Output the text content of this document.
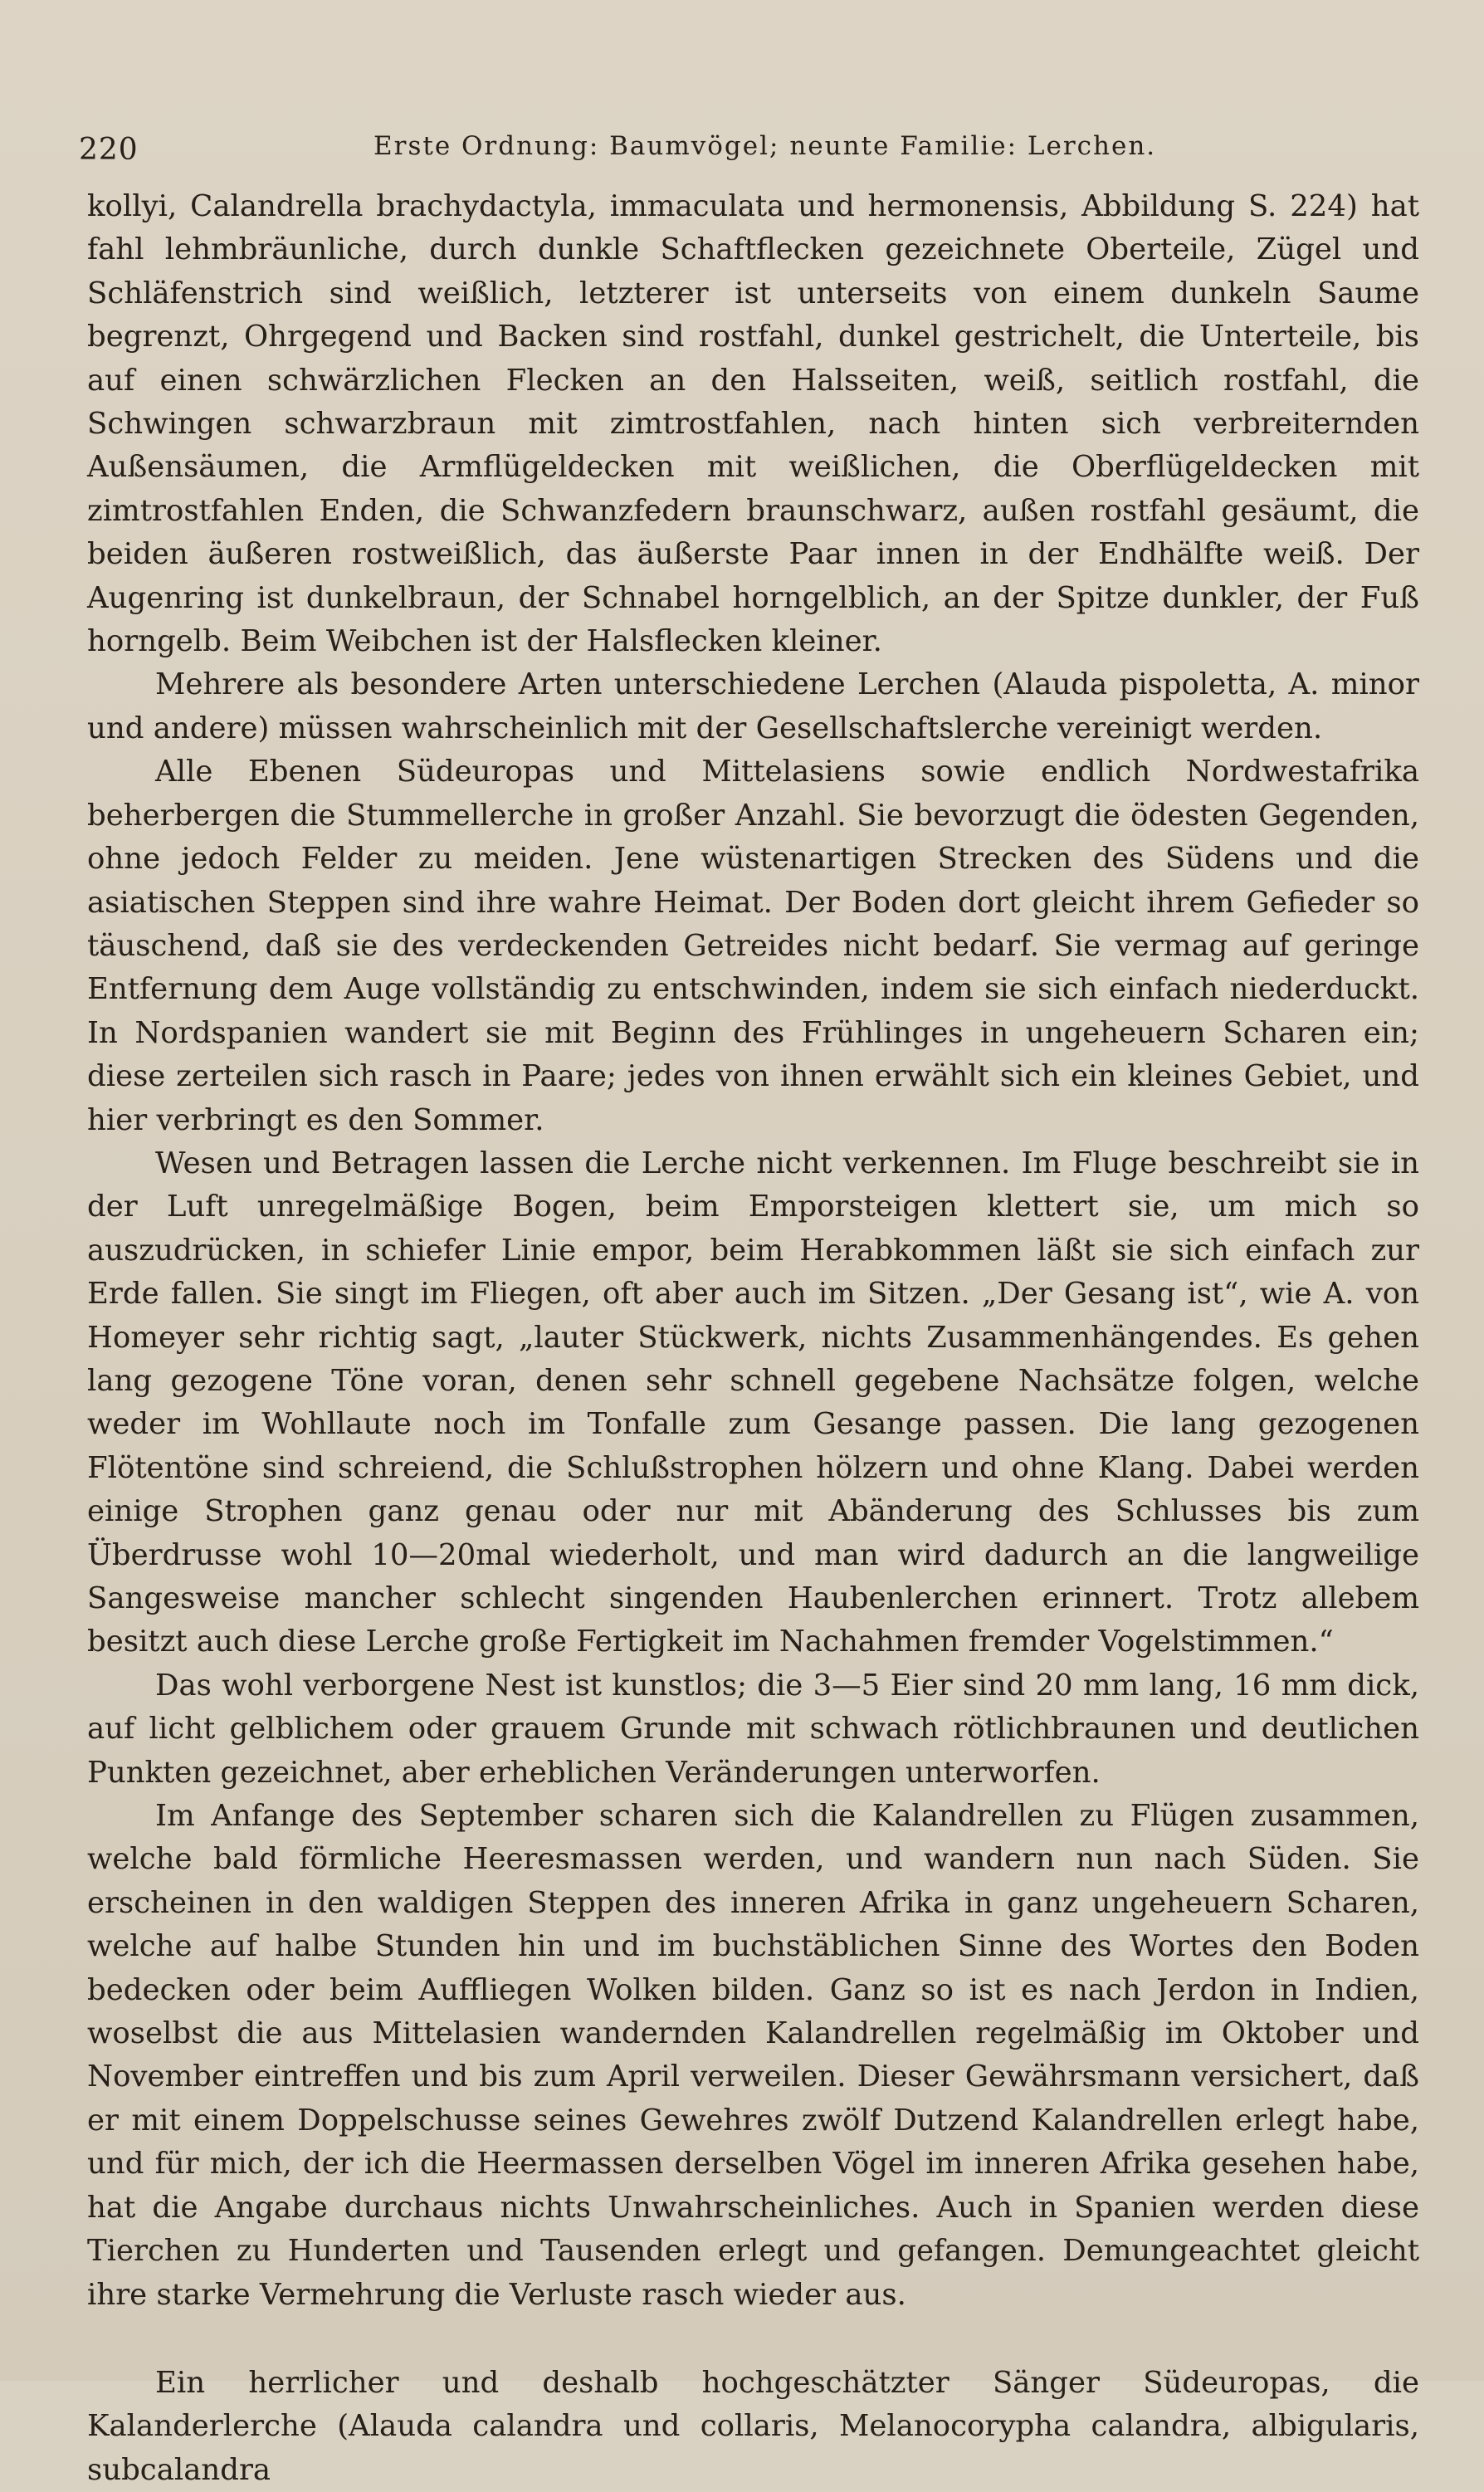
220	Erste Ordnung: Baumvögel; neunte Familie: Lerchen.

kollyi, Calandrella brachydactyla, immaculata und hermonensis, Abbildung S. 224) hat fahl lehmbräunliche, durch dunkle Schaftflecken gezeichnete Oberteile, Zügel und Schläfenstrich sind weißlich, letzterer ist unterseits von einem dunkeln Saume begrenzt, Ohrgegend und Backen sind rostfahl, dunkel gestrichelt, die Unterteile, bis auf einen schwärzlichen Flecken an den Halsseiten, weiß, seitlich rostfahl, die Schwingen schwarzbraun mit zimtrostfahlen, nach hinten sich verbreiternden Außensäumen, die Armflügeldecken mit weißlichen, die Oberflügeldecken mit zimtrostfahlen Enden, die Schwanzfedern braunschwarz, außen rostfahl gesäumt, die beiden äußeren rostweißlich, das äußerste Paar innen in der Endhälfte weiß. Der Augenring ist dunkelbraun, der Schnabel horngelblich, an der Spitze dunkler, der Fuß horngelb. Beim Weibchen ist der Halsflecken kleiner.

Mehrere als besondere Arten unterschiedene Lerchen (Alauda pispoletta, A. minor und andere) müssen wahrscheinlich mit der Gesellschaftslerche vereinigt werden.

Alle Ebenen Südeuropas und Mittelasiens sowie endlich Nordwestafrika beherbergen die Stummellerche in großer Anzahl. Sie bevorzugt die ödesten Gegenden, ohne jedoch Felder zu meiden. Jene wüstenartigen Strecken des Südens und die asiatischen Steppen sind ihre wahre Heimat. Der Boden dort gleicht ihrem Gefieder so täuschend, daß sie des verdeckenden Getreides nicht bedarf. Sie vermag auf geringe Entfernung dem Auge vollständig zu entschwinden, indem sie sich einfach niederduckt. In Nordspanien wandert sie mit Beginn des Frühlinges in ungeheuern Scharen ein; diese zerteilen sich rasch in Paare; jedes von ihnen erwählt sich ein kleines Gebiet, und hier verbringt es den Sommer.

Wesen und Betragen lassen die Lerche nicht verkennen. Im Fluge beschreibt sie in der Luft unregelmäßige Bogen, beim Emporsteigen klettert sie, um mich so auszudrücken, in schiefer Linie empor, beim Herabkommen läßt sie sich einfach zur Erde fallen. Sie singt im Fliegen, oft aber auch im Sitzen. „Der Gesang ist“, wie A. von Homeyer sehr richtig sagt, „lauter Stückwerk, nichts Zusammenhängendes. Es gehen lang gezogene Töne voran, denen sehr schnell gegebene Nachsätze folgen, welche weder im Wohllaute noch im Tonfalle zum Gesange passen. Die lang gezogenen Flötentöne sind schreiend, die Schlußstrophen hölzern und ohne Klang. Dabei werden einige Strophen ganz genau oder nur mit Abänderung des Schlusses bis zum Überdrusse wohl 10—20mal wiederholt, und man wird dadurch an die langweilige Sangesweise mancher schlecht singenden Haubenlerchen erinnert. Trotz allebem besitzt auch diese Lerche große Fertigkeit im Nachahmen fremder Vogelstimmen.“

Das wohl verborgene Nest ist kunstlos; die 3—5 Eier sind 20 mm lang, 16 mm dick, auf licht gelblichem oder grauem Grunde mit schwach rötlichbraunen und deutlichen Punkten gezeichnet, aber erheblichen Veränderungen unterworfen.

Im Anfange des September scharen sich die Kalandrellen zu Flügen zusammen, welche bald förmliche Heeresmassen werden, und wandern nun nach Süden. Sie erscheinen in den waldigen Steppen des inneren Afrika in ganz ungeheuern Scharen, welche auf halbe Stunden hin und im buchstäblichen Sinne des Wortes den Boden bedecken oder beim Auffliegen Wolken bilden. Ganz so ist es nach Jerdon in Indien, woselbst die aus Mittelasien wandernden Kalandrellen regelmäßig im Oktober und November eintreffen und bis zum April verweilen. Dieser Gewährsmann versichert, daß er mit einem Doppelschusse seines Gewehres zwölf Dutzend Kalandrellen erlegt habe, und für mich, der ich die Heermassen derselben Vögel im inneren Afrika gesehen habe, hat die Angabe durchaus nichts Unwahrscheinliches. Auch in Spanien werden diese Tierchen zu Hunderten und Tausenden erlegt und gefangen. Demungeachtet gleicht ihre starke Vermehrung die Verluste rasch wieder aus.

Ein herrlicher und deshalb hochgeschätzter Sänger Südeuropas, die Kalanderlerche (Alauda calandra und collaris, Melanocorypha calandra, albigularis, subcalandra
